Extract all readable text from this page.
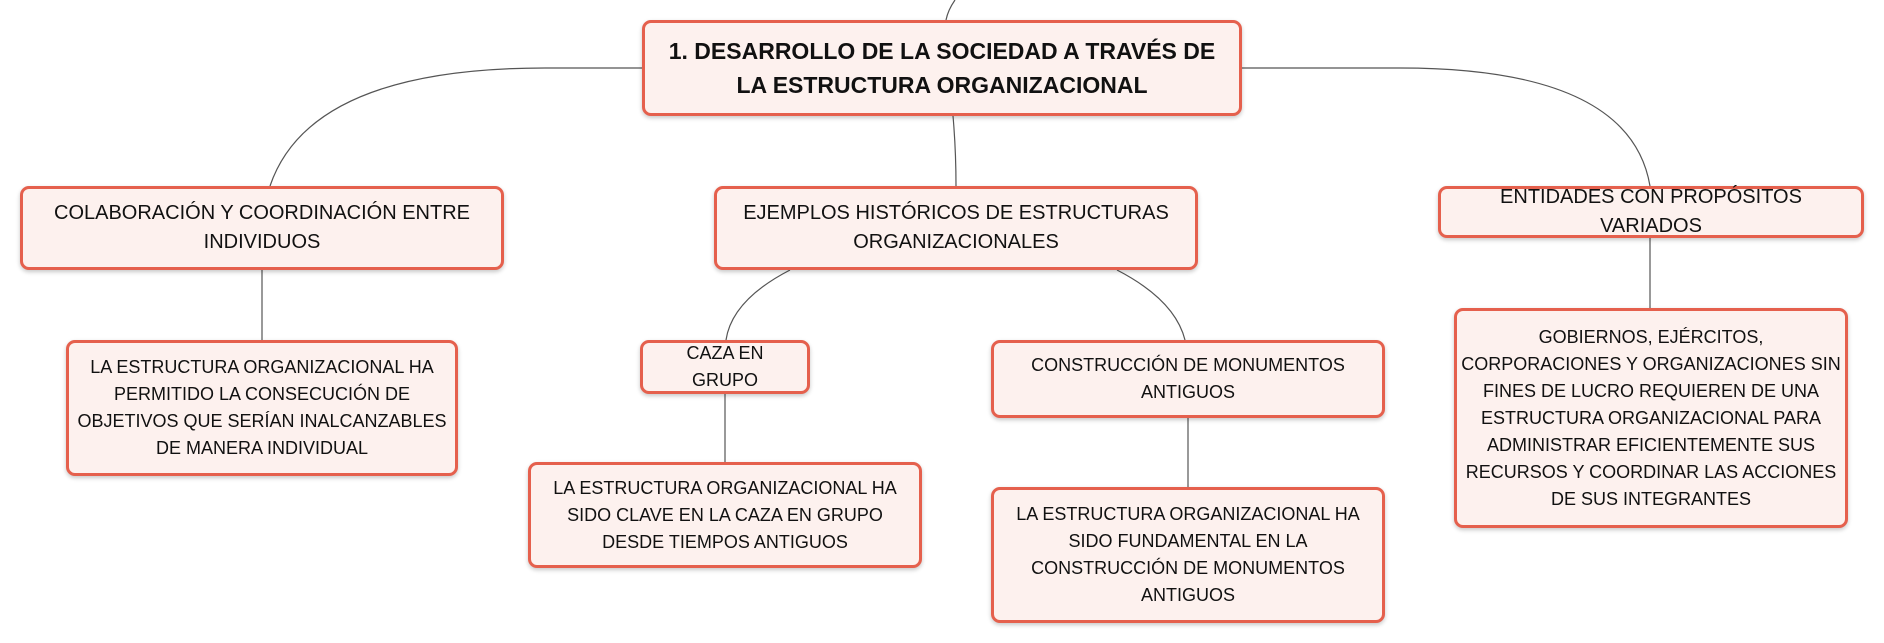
1. DESARROLLO DE LA SOCIEDAD A TRAVÉS DE LA ESTRUCTURA ORGANIZACIONAL
COLABORACIÓN Y COORDINACIÓN ENTRE INDIVIDUOS
EJEMPLOS HISTÓRICOS DE ESTRUCTURAS ORGANIZACIONALES
ENTIDADES CON PROPÓSITOS VARIADOS
LA ESTRUCTURA ORGANIZACIONAL HA PERMITIDO LA CONSECUCIÓN DE OBJETIVOS QUE SERÍAN INALCANZABLES DE MANERA INDIVIDUAL
CAZA EN GRUPO
CONSTRUCCIÓN DE MONUMENTOS ANTIGUOS
LA ESTRUCTURA ORGANIZACIONAL HA SIDO CLAVE EN LA CAZA EN GRUPO DESDE TIEMPOS ANTIGUOS
LA ESTRUCTURA ORGANIZACIONAL HA SIDO FUNDAMENTAL EN LA CONSTRUCCIÓN DE MONUMENTOS ANTIGUOS
GOBIERNOS, EJÉRCITOS, CORPORACIONES Y ORGANIZACIONES SIN FINES DE LUCRO REQUIEREN DE UNA ESTRUCTURA ORGANIZACIONAL PARA ADMINISTRAR EFICIENTEMENTE SUS RECURSOS Y COORDINAR LAS ACCIONES DE SUS INTEGRANTES
